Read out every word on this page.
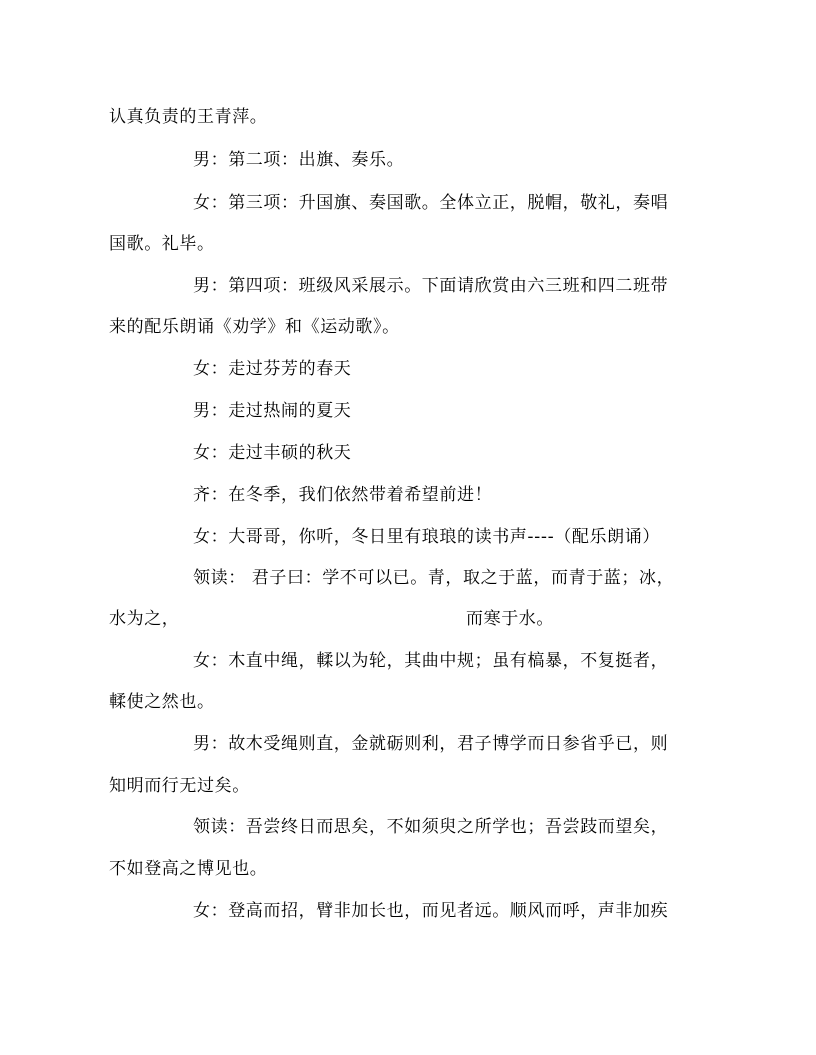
认真负责的王青萍。
男：第二项：出旗、奏乐。
女：第三项：升国旗、奏国歌。全体立正，脱帽，敬礼，奏唱
国歌。礼毕。
男：第四项：班级风采展示。下面请欣赏由六三班和四二班带
来的配乐朗诵《劝学》和《运动歌》。
女：走过芬芳的春天
男：走过热闹的夏天
女：走过丰硕的秋天
齐：在冬季，我们依然带着希望前进！
女：大哥哥，你听，冬日里有琅琅的读书声----（配乐朗诵）
领读： 君子曰：学不可以已。青，取之于蓝，而青于蓝；冰，
水为之，	而寒于水。
女：木直中绳，輮以为轮，其曲中规；虽有槁暴，不复挺者，
輮使之然也。
男：故木受绳则直，金就砺则利，君子博学而日参省乎已，则
知明而行无过矣。
领读：吾尝终日而思矣，不如须臾之所学也；吾尝跂而望矣，
不如登高之博见也。
女：登高而招，臂非加长也，而见者远。顺风而呼，声非加疾
